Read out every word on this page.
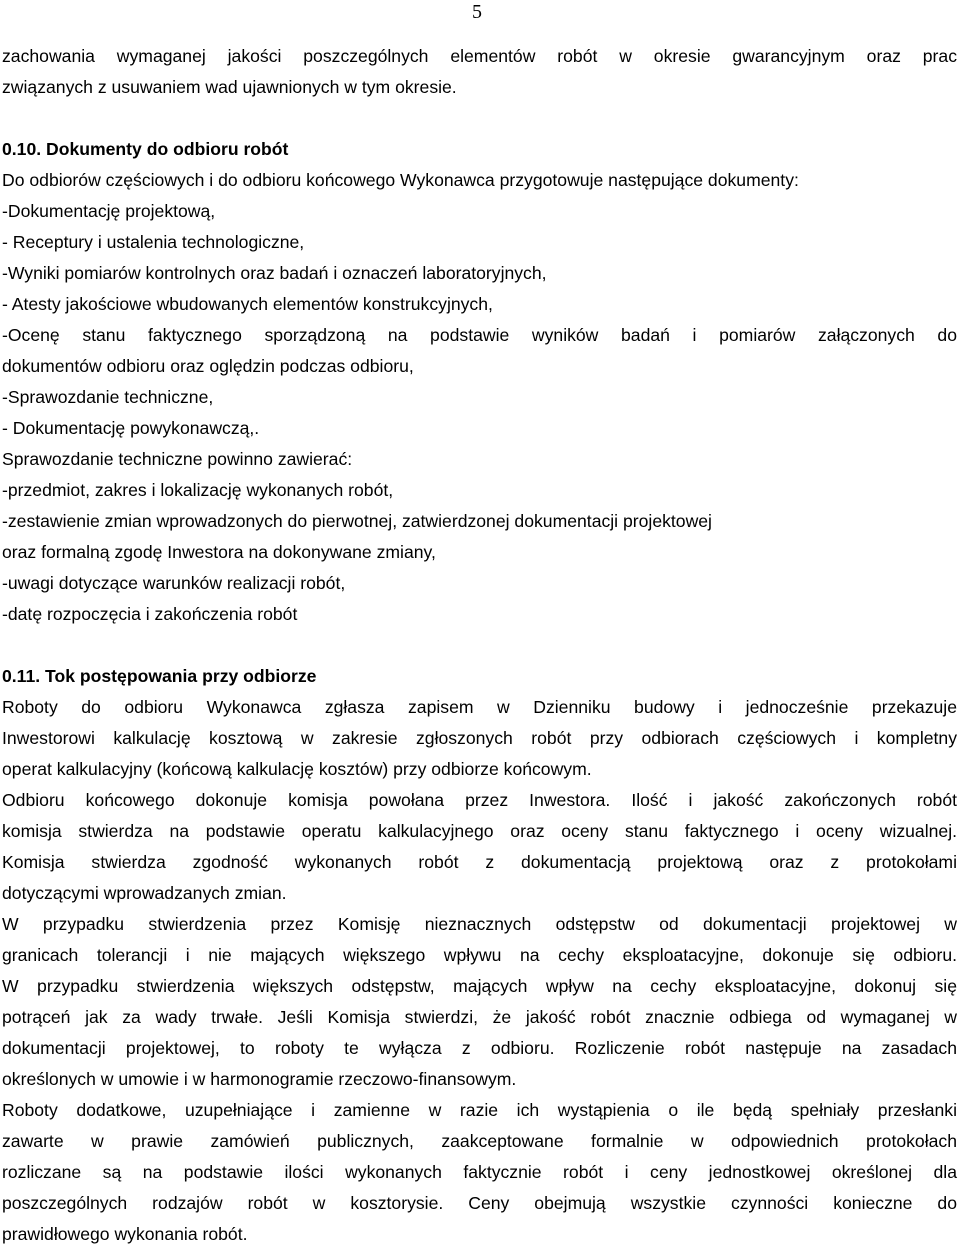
5

zachowania wymaganej jakości poszczególnych elementów robót w okresie gwarancyjnym oraz prac

związanych z usuwaniem wad ujawnionych w tym okresie.

0.10. Dokumenty do odbioru robót

Do odbiorów częściowych i do odbioru końcowego Wykonawca przygotowuje następujące dokumenty:

-Dokumentację projektową,

- Receptury i ustalenia technologiczne,

-Wyniki pomiarów kontrolnych oraz badań i oznaczeń laboratoryjnych,

- Atesty jakościowe wbudowanych elementów konstrukcyjnych,

-Ocenę stanu faktycznego sporządzoną na podstawie wyników badań i pomiarów załączonych do

dokumentów odbioru oraz oględzin podczas odbioru,

-Sprawozdanie techniczne,

- Dokumentację powykonawczą,.

Sprawozdanie techniczne powinno zawierać:

-przedmiot, zakres i lokalizację wykonanych robót,

-zestawienie zmian wprowadzonych do pierwotnej, zatwierdzonej dokumentacji projektowej

oraz formalną zgodę Inwestora na dokonywane zmiany,

-uwagi dotyczące warunków realizacji robót,

-datę rozpoczęcia i zakończenia robót

0.11. Tok postępowania przy odbiorze

Roboty do odbioru Wykonawca zgłasza zapisem w Dzienniku budowy i jednocześnie przekazuje

Inwestorowi kalkulację kosztową w zakresie zgłoszonych robót przy odbiorach częściowych i kompletny

operat kalkulacyjny (końcową kalkulację kosztów) przy odbiorze końcowym.

Odbioru końcowego dokonuje komisja powołana przez Inwestora. Ilość i jakość zakończonych robót

komisja stwierdza na podstawie operatu kalkulacyjnego oraz oceny stanu faktycznego i oceny wizualnej.

Komisja stwierdza zgodność wykonanych robót z dokumentacją projektową oraz z protokołami

dotyczącymi wprowadzanych zmian.

W przypadku stwierdzenia przez Komisję nieznacznych odstępstw od dokumentacji projektowej w

granicach tolerancji i nie mających większego wpływu na cechy eksploatacyjne, dokonuje się odbioru.

W przypadku stwierdzenia większych odstępstw, mających wpływ na cechy eksploatacyjne, dokonuj się

potrąceń jak za wady trwałe. Jeśli Komisja stwierdzi, że jakość robót znacznie odbiega od wymaganej w

dokumentacji projektowej, to roboty te wyłącza z odbioru. Rozliczenie robót następuje na zasadach

określonych w umowie i w harmonogramie rzeczowo-finansowym.

Roboty dodatkowe, uzupełniające i zamienne w razie ich wystąpienia o ile będą spełniały przesłanki

zawarte w prawie zamówień publicznych, zaakceptowane formalnie w odpowiednich protokołach

rozliczane są na podstawie ilości wykonanych faktycznie robót i ceny jednostkowej określonej dla

poszczególnych rodzajów robót w kosztorysie. Ceny obejmują wszystkie czynności konieczne do

prawidłowego wykonania robót.
